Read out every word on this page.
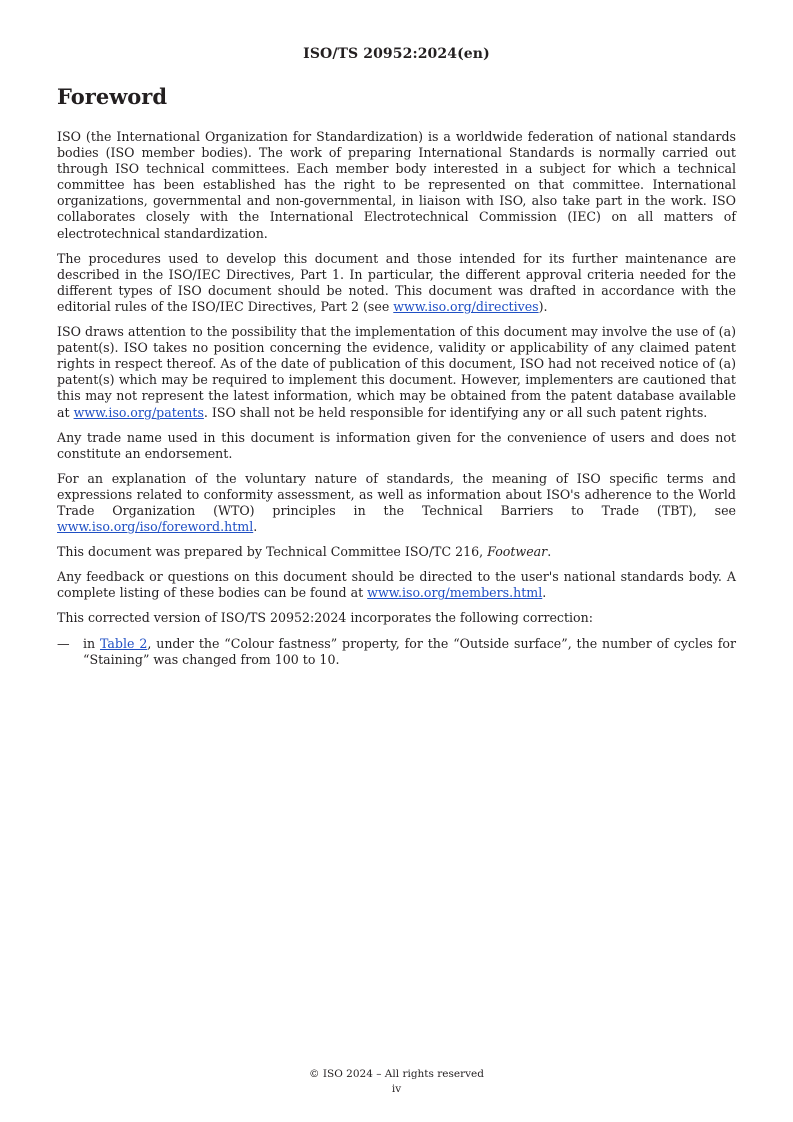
ISO/TS 20952:2024(en)
Foreword

ISO (the International Organization for Standardization) is a worldwide federation of national standards bodies (ISO member bodies). The work of preparing International Standards is normally carried out through ISO technical committees. Each member body interested in a subject for which a technical committee has been established has the right to be represented on that committee. International organizations, governmental and non-governmental, in liaison with ISO, also take part in the work. ISO collaborates closely with the International Electrotechnical Commission (IEC) on all matters of electrotechnical standardization.

The procedures used to develop this document and those intended for its further maintenance are described in the ISO/IEC Directives, Part 1. In particular, the different approval criteria needed for the different types of ISO document should be noted. This document was drafted in accordance with the editorial rules of the ISO/IEC Directives, Part 2 (see www.iso.org/directives).

ISO draws attention to the possibility that the implementation of this document may involve the use of (a) patent(s). ISO takes no position concerning the evidence, validity or applicability of any claimed patent rights in respect thereof. As of the date of publication of this document, ISO had not received notice of (a) patent(s) which may be required to implement this document. However, implementers are cautioned that this may not represent the latest information, which may be obtained from the patent database available at www.iso.org/patents. ISO shall not be held responsible for identifying any or all such patent rights.

Any trade name used in this document is information given for the convenience of users and does not constitute an endorsement.

For an explanation of the voluntary nature of standards, the meaning of ISO specific terms and expressions related to conformity assessment, as well as information about ISO's adherence to the World Trade Organization (WTO) principles in the Technical Barriers to Trade (TBT), see www.iso.org/iso/foreword.html.

This document was prepared by Technical Committee ISO/TC 216, Footwear.

Any feedback or questions on this document should be directed to the user's national standards body. A complete listing of these bodies can be found at www.iso.org/members.html.

This corrected version of ISO/TS 20952:2024 incorporates the following correction:

—	in Table 2, under the “Colour fastness” property, for the “Outside surface”, the number of cycles for “Staining” was changed from 100 to 10.
© ISO 2024 – All rights reserved
iv
